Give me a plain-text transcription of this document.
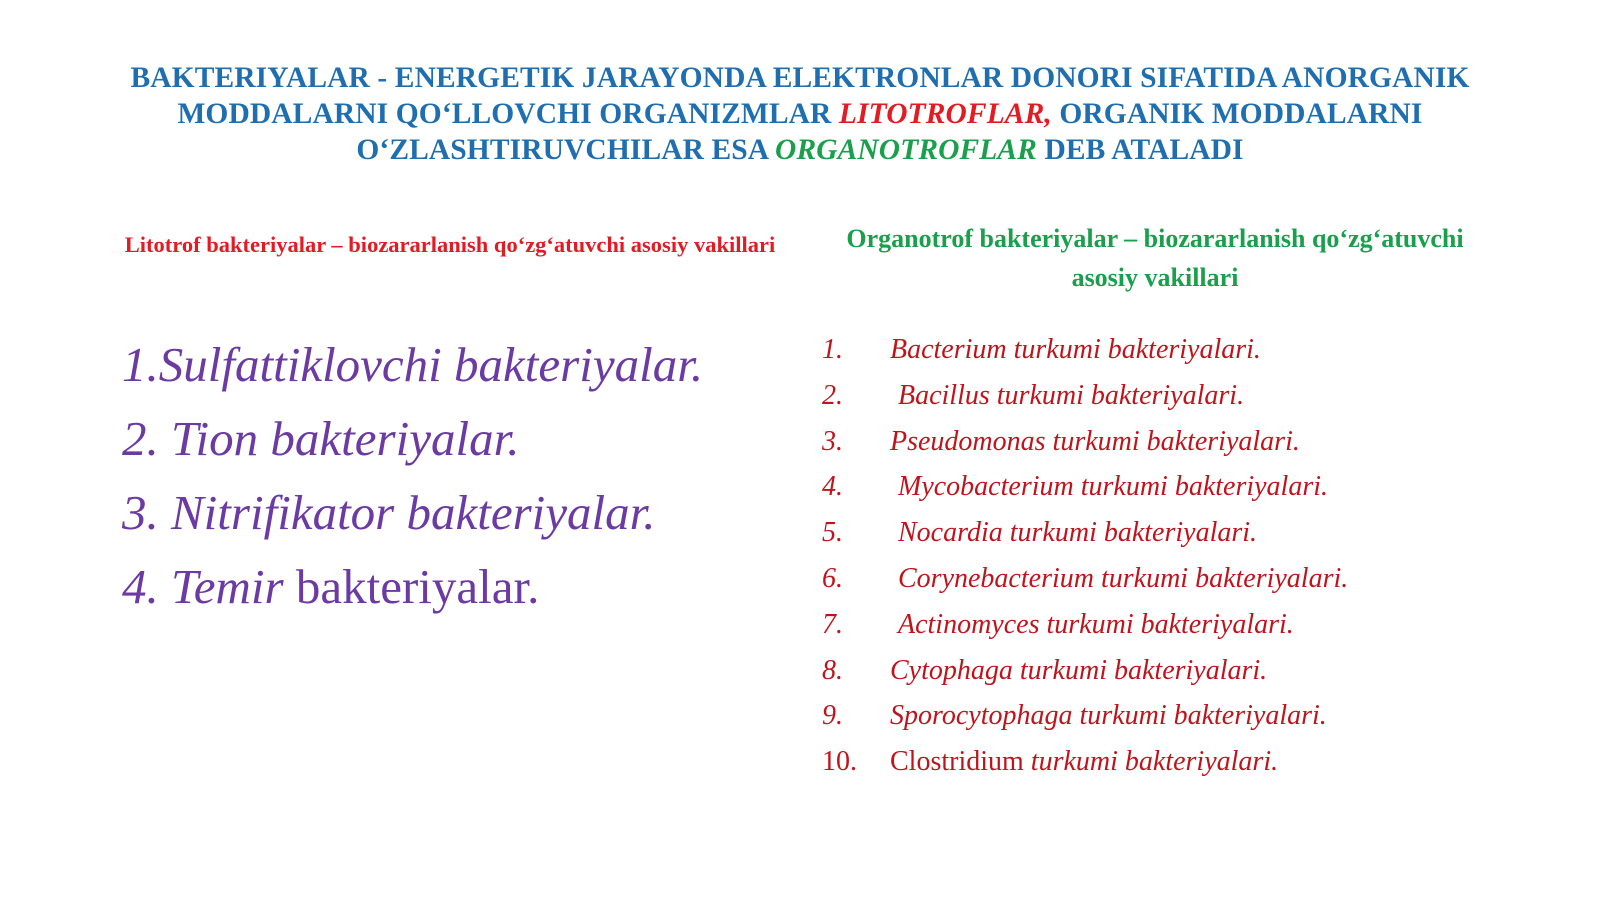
BAKTERIYALAR - ENERGETIK JARAYONDA ELEKTRONLAR DONORI SIFATIDA ANORGANIK MODDALARNI QO‘LLOVCHI ORGANIZMLAR LITOTROFLAR, ORGANIK MODDALARNI O‘ZLASHTIRUVCHILAR ESA ORGANOTROFLAR DEB ATALADI
Litotrof bakteriyalar – biozararlanish qo‘zg‘atuvchi asosiy vakillari	Organotrof bakteriyalar – biozararlanish qo‘zg‘atuvchi asosiy vakillari
1.Sulfattiklovchi bakteriyalar.
2. Tion bakteriyalar.
3. Nitrifikator bakteriyalar.
4. Temir bakteriyalar.
1. Bacterium turkumi bakteriyalari.
2. Bacillus turkumi bakteriyalari.
3. Pseudomonas turkumi bakteriyalari.
4. Mycobacterium turkumi bakteriyalari.
5. Nocardia turkumi bakteriyalari.
6. Corynebacterium turkumi bakteriyalari.
7. Actinomyces turkumi bakteriyalari.
8. Cytophaga turkumi bakteriyalari.
9. Sporocytophaga turkumi bakteriyalari.
10. Clostridium turkumi bakteriyalari.
